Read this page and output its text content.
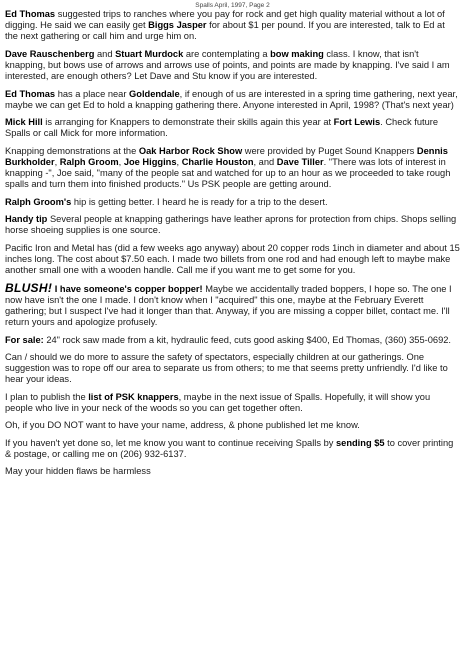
Spalls April, 1997, Page 2

Ed Thomas suggested trips to ranches where you pay for rock and get high quality material without a lot of digging. He said we can easily get Biggs Jasper for about $1 per pound. If you are interested, talk to Ed at the next gathering or call him and urge him on.

Dave Rauschenberg and Stuart Murdock are contemplating a bow making class. I know, that isn't knapping, but bows use of arrows and arrows use of points, and points are made by knapping. I've said I am interested, are enough others? Let Dave and Stu know if you are interested.

Ed Thomas has a place near Goldendale, if enough of us are interested in a spring time gathering, next year, maybe we can get Ed to hold a knapping gathering there. Anyone interested in April, 1998? (That's next year)

Mick Hill is arranging for Knappers to demonstrate their skills again this year at Fort Lewis. Check future Spalls or call Mick for more information.

Knapping demonstrations at the Oak Harbor Rock Show were provided by Puget Sound Knappers Dennis Burkholder, Ralph Groom, Joe Higgins, Charlie Houston, and Dave Tiller. "There was lots of interest in knapping -", Joe said, "many of the people sat and watched for up to an hour as we proceeded to take rough spalls and turn them into finished products." Us PSK people are getting around.

Ralph Groom's hip is getting better. I heard he is ready for a trip to the desert.

Handy tip Several people at knapping gatherings have leather aprons for protection from chips. Shops selling horse shoeing supplies is one source.

Pacific Iron and Metal has (did a few weeks ago anyway) about 20 copper rods 1inch in diameter and about 15 inches long. The cost about $7.50 each. I made two billets from one rod and had enough left to maybe make another small one with a wooden handle. Call me if you want me to get some for you.

BLUSH! I have someone's copper bopper! Maybe we accidentally traded boppers, I hope so. The one I now have isn't the one I made. I don't know when I "acquired" this one, maybe at the February Everett gathering; but I suspect I've had it longer than that. Anyway, if you are missing a copper billet, contact me. I'll return yours and apologize profusely.

For sale: 24" rock saw made from a kit, hydraulic feed, cuts good asking $400, Ed Thomas, (360) 355-0692.

Can / should we do more to assure the safety of spectators, especially children at our gatherings. One suggestion was to rope off our area to separate us from others; to me that seems pretty unfriendly. I'd like to hear your ideas.

I plan to publish the list of PSK knappers, maybe in the next issue of Spalls. Hopefully, it will show you people who live in your neck of the woods so you can get together often.

Oh, if you DO NOT want to have your name, address, & phone published let me know.

If you haven't yet done so, let me know you want to continue receiving Spalls by sending $5 to cover printing & postage, or calling me on (206) 932-6137.

May your hidden flaws be harmless
